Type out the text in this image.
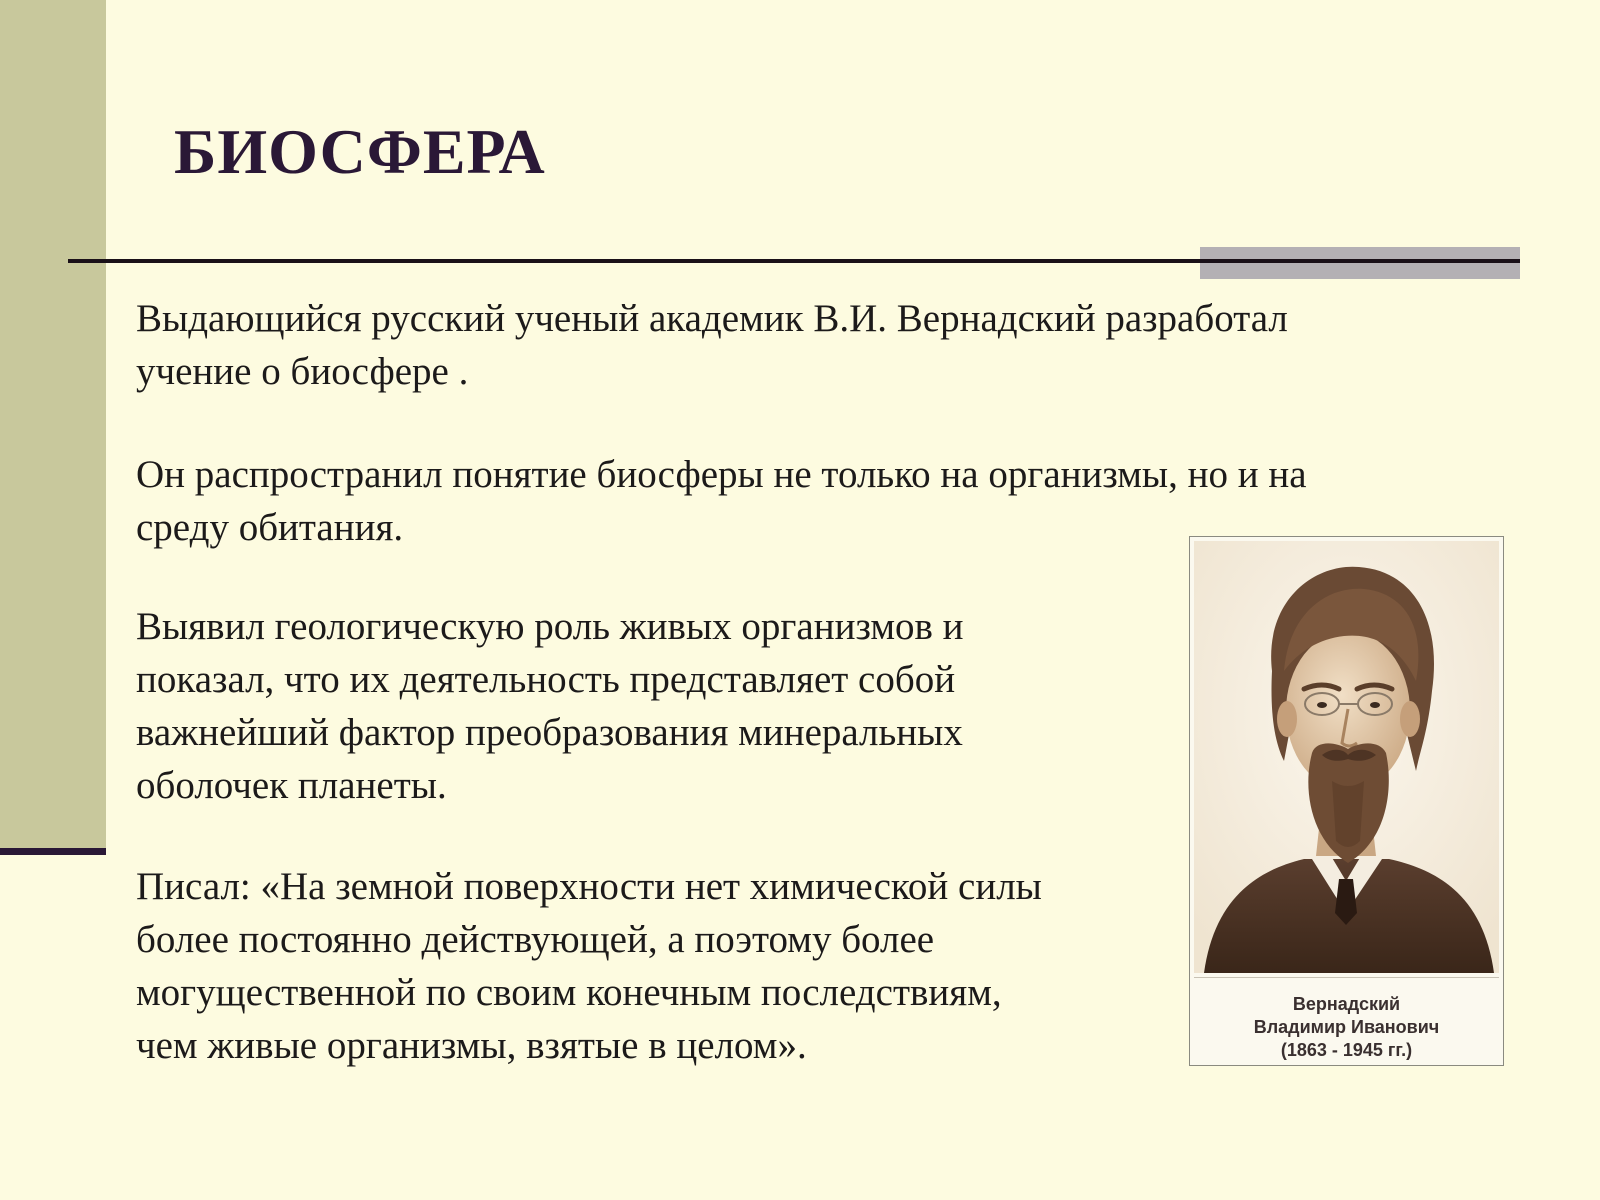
БИОСФЕРА

Выдающийся русский ученый академик В.И. Вернадский разработал
учение о биосфере .

Он распространил понятие биосферы не только на организмы, но и на
среду обитания.

Выявил геологическую роль живых организмов и
показал, что их деятельность представляет собой
важнейший фактор преобразования минеральных
оболочек планеты.

Писал: «На земной поверхности нет химической силы
более постоянно действующей, а поэтому более
могущественной по своим конечным последствиям,
чем живые организмы, взятые в целом».

Вернадский
Владимир Иванович
(1863 - 1945 гг.)
